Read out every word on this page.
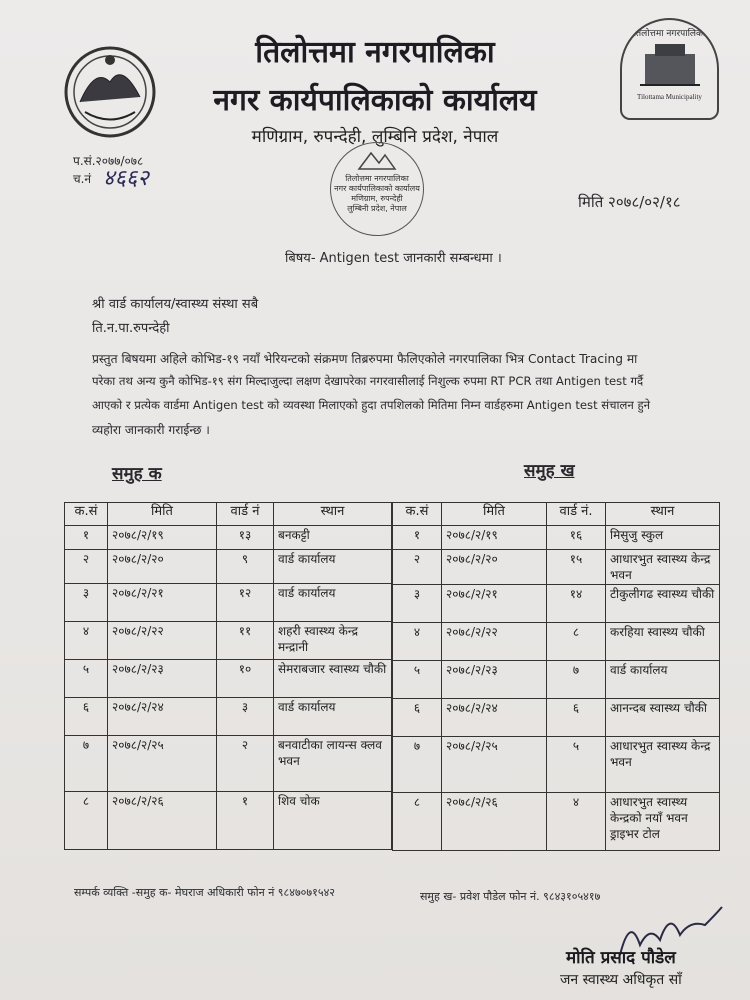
तिलोत्तमा नगरपालिका
Tilottama Municipality
तिलोत्तमा नगरपालिका
नगर कार्यपालिकाको कार्यालय
मणिग्राम, रुपन्देही, लुम्बिनि प्रदेश, नेपाल
तिलोत्तमा नगरपालिका
नगर कार्यपालिकाको कार्यालय
मणिग्राम, रुपन्देही
लुम्बिनी प्रदेश, नेपाल
प.सं.२०७७/०७८
च.नं ४६६२
मिति २०७८/०२/१८
बिषय- Antigen test जानकारी सम्बन्धमा ।
श्री वार्ड कार्यालय/स्वास्थ्य संस्था सबै
ति.न.पा.रुपन्देही
प्रस्तुत बिषयमा अहिले कोभिड-१९ नयाँ भेरियन्टको संक्रमण तिब्ररुपमा फैलिएकोले नगरपालिका भित्र Contact Tracing मा
परेका तथ अन्य कुनै कोभिड-१९ संग मिल्दाजुल्दा लक्षण देखापरेका नगरवासीलाई निशुल्क रुपमा RT PCR तथा Antigen test गर्दै
आएको र प्रत्येक वार्डमा Antigen test को व्यवस्था मिलाएको हुदा तपशिलको मितिमा निम्न वार्डहरुमा Antigen test संचालन हुने
व्यहोरा जानकारी गराईन्छ ।
समुह क	समुह ख
क.सं	मिति	वार्ड नं	स्थान
१	२०७८/२/१९	१३	बनकट्टी
२	२०७८/२/२०	९	वार्ड कार्यालय
३	२०७८/२/२१	१२	वार्ड कार्यालय
४	२०७८/२/२२	११	शहरी स्वास्थ्य केन्द्र मन्द्रानी
५	२०७८/२/२३	१०	सेमराबजार स्वास्थ्य चौकी
६	२०७८/२/२४	३	वार्ड कार्यालय
७	२०७८/२/२५	२	बनवाटीका लायन्स क्लव भवन
८	२०७८/२/२६	१	शिव चोक
क.सं	मिति	वार्ड नं.	स्थान
१	२०७८/२/१९	१६	मिसुजु स्कुल
२	२०७८/२/२०	१५	आधारभुत स्वास्थ्य केन्द्र भवन
३	२०७८/२/२१	१४	टीकुलीगढ स्वास्थ्य चौकी
४	२०७८/२/२२	८	करहिया स्वास्थ्य चौकी
५	२०७८/२/२३	७	वार्ड कार्यालय
६	२०७८/२/२४	६	आनन्दब स्वास्थ्य चौकी
७	२०७८/२/२५	५	आधारभुत स्वास्थ्य केन्द्र भवन
८	२०७८/२/२६	४	आधारभुत स्वास्थ्य केन्द्रको नयाँ भवन ड्राइभर टोल
सम्पर्क व्यक्ति -समुह क- मेघराज अधिकारी फोन नं ९८४७०७१५४२	समुह ख- प्रवेश पौडेल फोन नं. ९८४३१०५४१७
मोति प्रसाद पौडेल
जन स्वास्थ्य अधिकृत साँ
